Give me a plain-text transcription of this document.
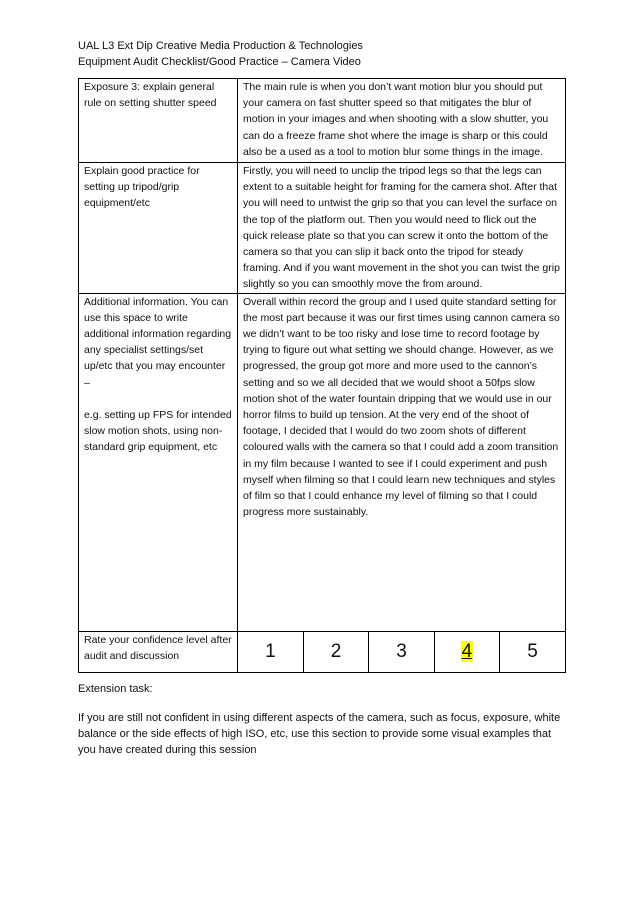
UAL L3 Ext Dip Creative Media Production & Technologies
Equipment Audit Checklist/Good Practice – Camera Video
Exposure 3: explain general rule on setting shutter speed	The main rule is when you don’t want motion blur you should put your camera on fast shutter speed so that mitigates the blur of motion in your images and when shooting with a slow shutter, you can do a freeze frame shot where the image is sharp or this could also be a used as a tool to motion blur some things in the image.
Explain good practice for setting up tripod/grip equipment/etc	Firstly, you will need to unclip the tripod legs so that the legs can extent to a suitable height for framing for the camera shot. After that you will need to untwist the grip so that you can level the surface on the top of the platform out. Then you would need to flick out the quick release plate so that you can screw it onto the bottom of the camera so that you can slip it back onto the tripod for steady framing. And if you want movement in the shot you can twist the grip slightly so you can smoothly move the from around.
Additional information. You can use this space to write additional information regarding any specialist settings/set up/etc that you may encounter –

e.g. setting up FPS for intended slow motion shots, using non-standard grip equipment, etc	Overall within record the group and I used quite standard setting for the most part because it was our first times using cannon camera so we didn’t want to be too risky and lose time to record footage by trying to figure out what setting we should change. However, as we progressed, the group got more and more used to the cannon’s setting and so we all decided that we would shoot a 50fps slow motion shot of the water fountain dripping that we would use in our horror films to build up tension. At the very end of the shoot of footage, I decided that I would do two zoom shots of different coloured walls with the camera so that I could add a zoom transition in my film because I wanted to see if I could experiment and push myself when filming so that I could learn new techniques and styles of film so that I could enhance my level of filming so that I could progress more sustainably.
Rate your confidence level after audit and discussion		1	2	3	4	5
Extension task:
If you are still not confident in using different aspects of the camera, such as focus, exposure, white balance or the side effects of high ISO, etc, use this section to provide some visual examples that you have created during this session
